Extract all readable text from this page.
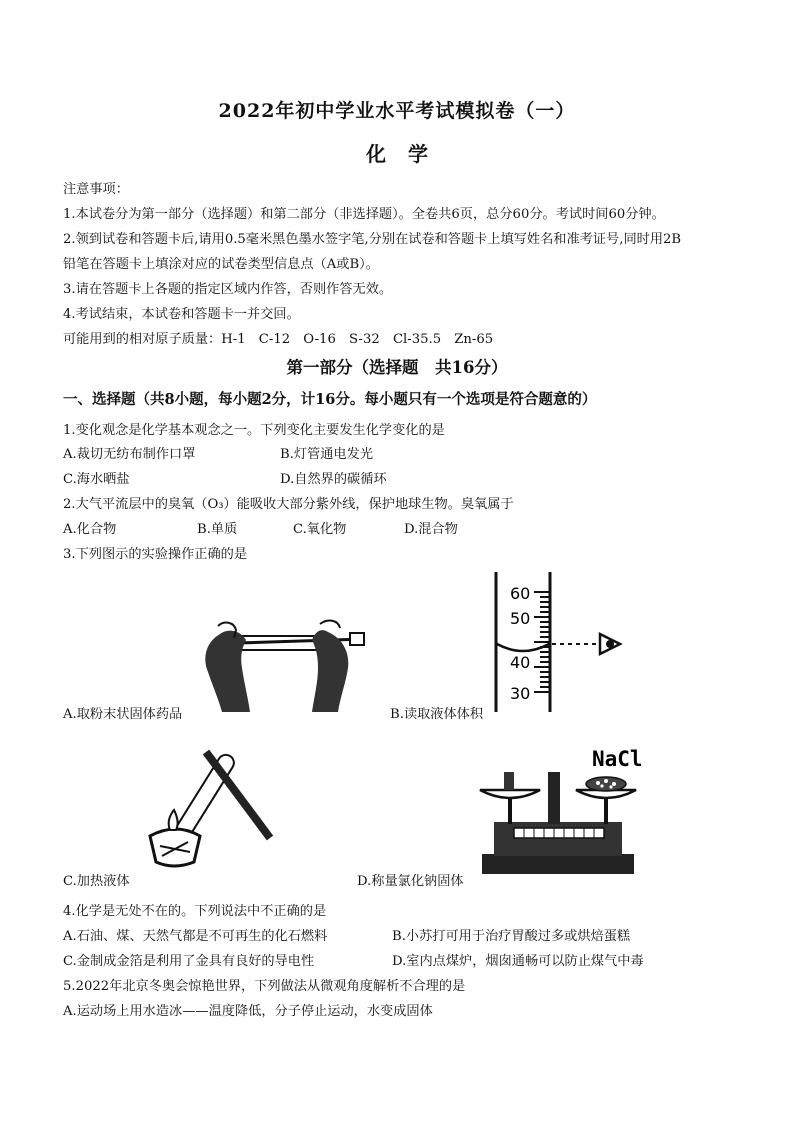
2022年初中学业水平考试模拟卷（一）
化学
注意事项：
1.本试卷分为第一部分（选择题）和第二部分（非选择题）。全卷共6页，总分60分。考试时间60分钟。
2.领到试卷和答题卡后,请用0.5毫米黑色墨水签字笔,分别在试卷和答题卡上填写姓名和准考证号,同时用2B
铅笔在答题卡上填涂对应的试卷类型信息点（A或B）。
3.请在答题卡上各题的指定区域内作答，否则作答无效。
4.考试结束，本试卷和答题卡一并交回。
可能用到的相对原子质量：H-1　C-12　O-16　S-32　Cl-35.5　Zn-65
第一部分（选择题　共16分）
一、选择题（共8小题，每小题2分，计16分。每小题只有一个选项是符合题意的）
1.变化观念是化学基本观念之一。下列变化主要发生化学变化的是
A.裁切无纺布制作口罩	B.灯管通电发光
C.海水晒盐	D.自然界的碳循环
2.大气平流层中的臭氧（O₃）能吸收大部分紫外线，保护地球生物。臭氧属于
A.化合物	B.单质	C.氧化物	D.混合物
3.下列图示的实验操作正确的是
A.取粉末状固体药品
60
50
40
30
B.读取液体体积
C.加热液体
NaCl
D.称量氯化钠固体
4.化学是无处不在的。下列说法中不正确的是
A.石油、煤、天然气都是不可再生的化石燃料	B.小苏打可用于治疗胃酸过多或烘焙蛋糕
C.金制成金箔是利用了金具有良好的导电性	D.室内点煤炉，烟囱通畅可以防止煤气中毒
5.2022年北京冬奥会惊艳世界，下列做法从微观角度解析不合理的是
A.运动场上用水造冰——温度降低，分子停止运动，水变成固体
